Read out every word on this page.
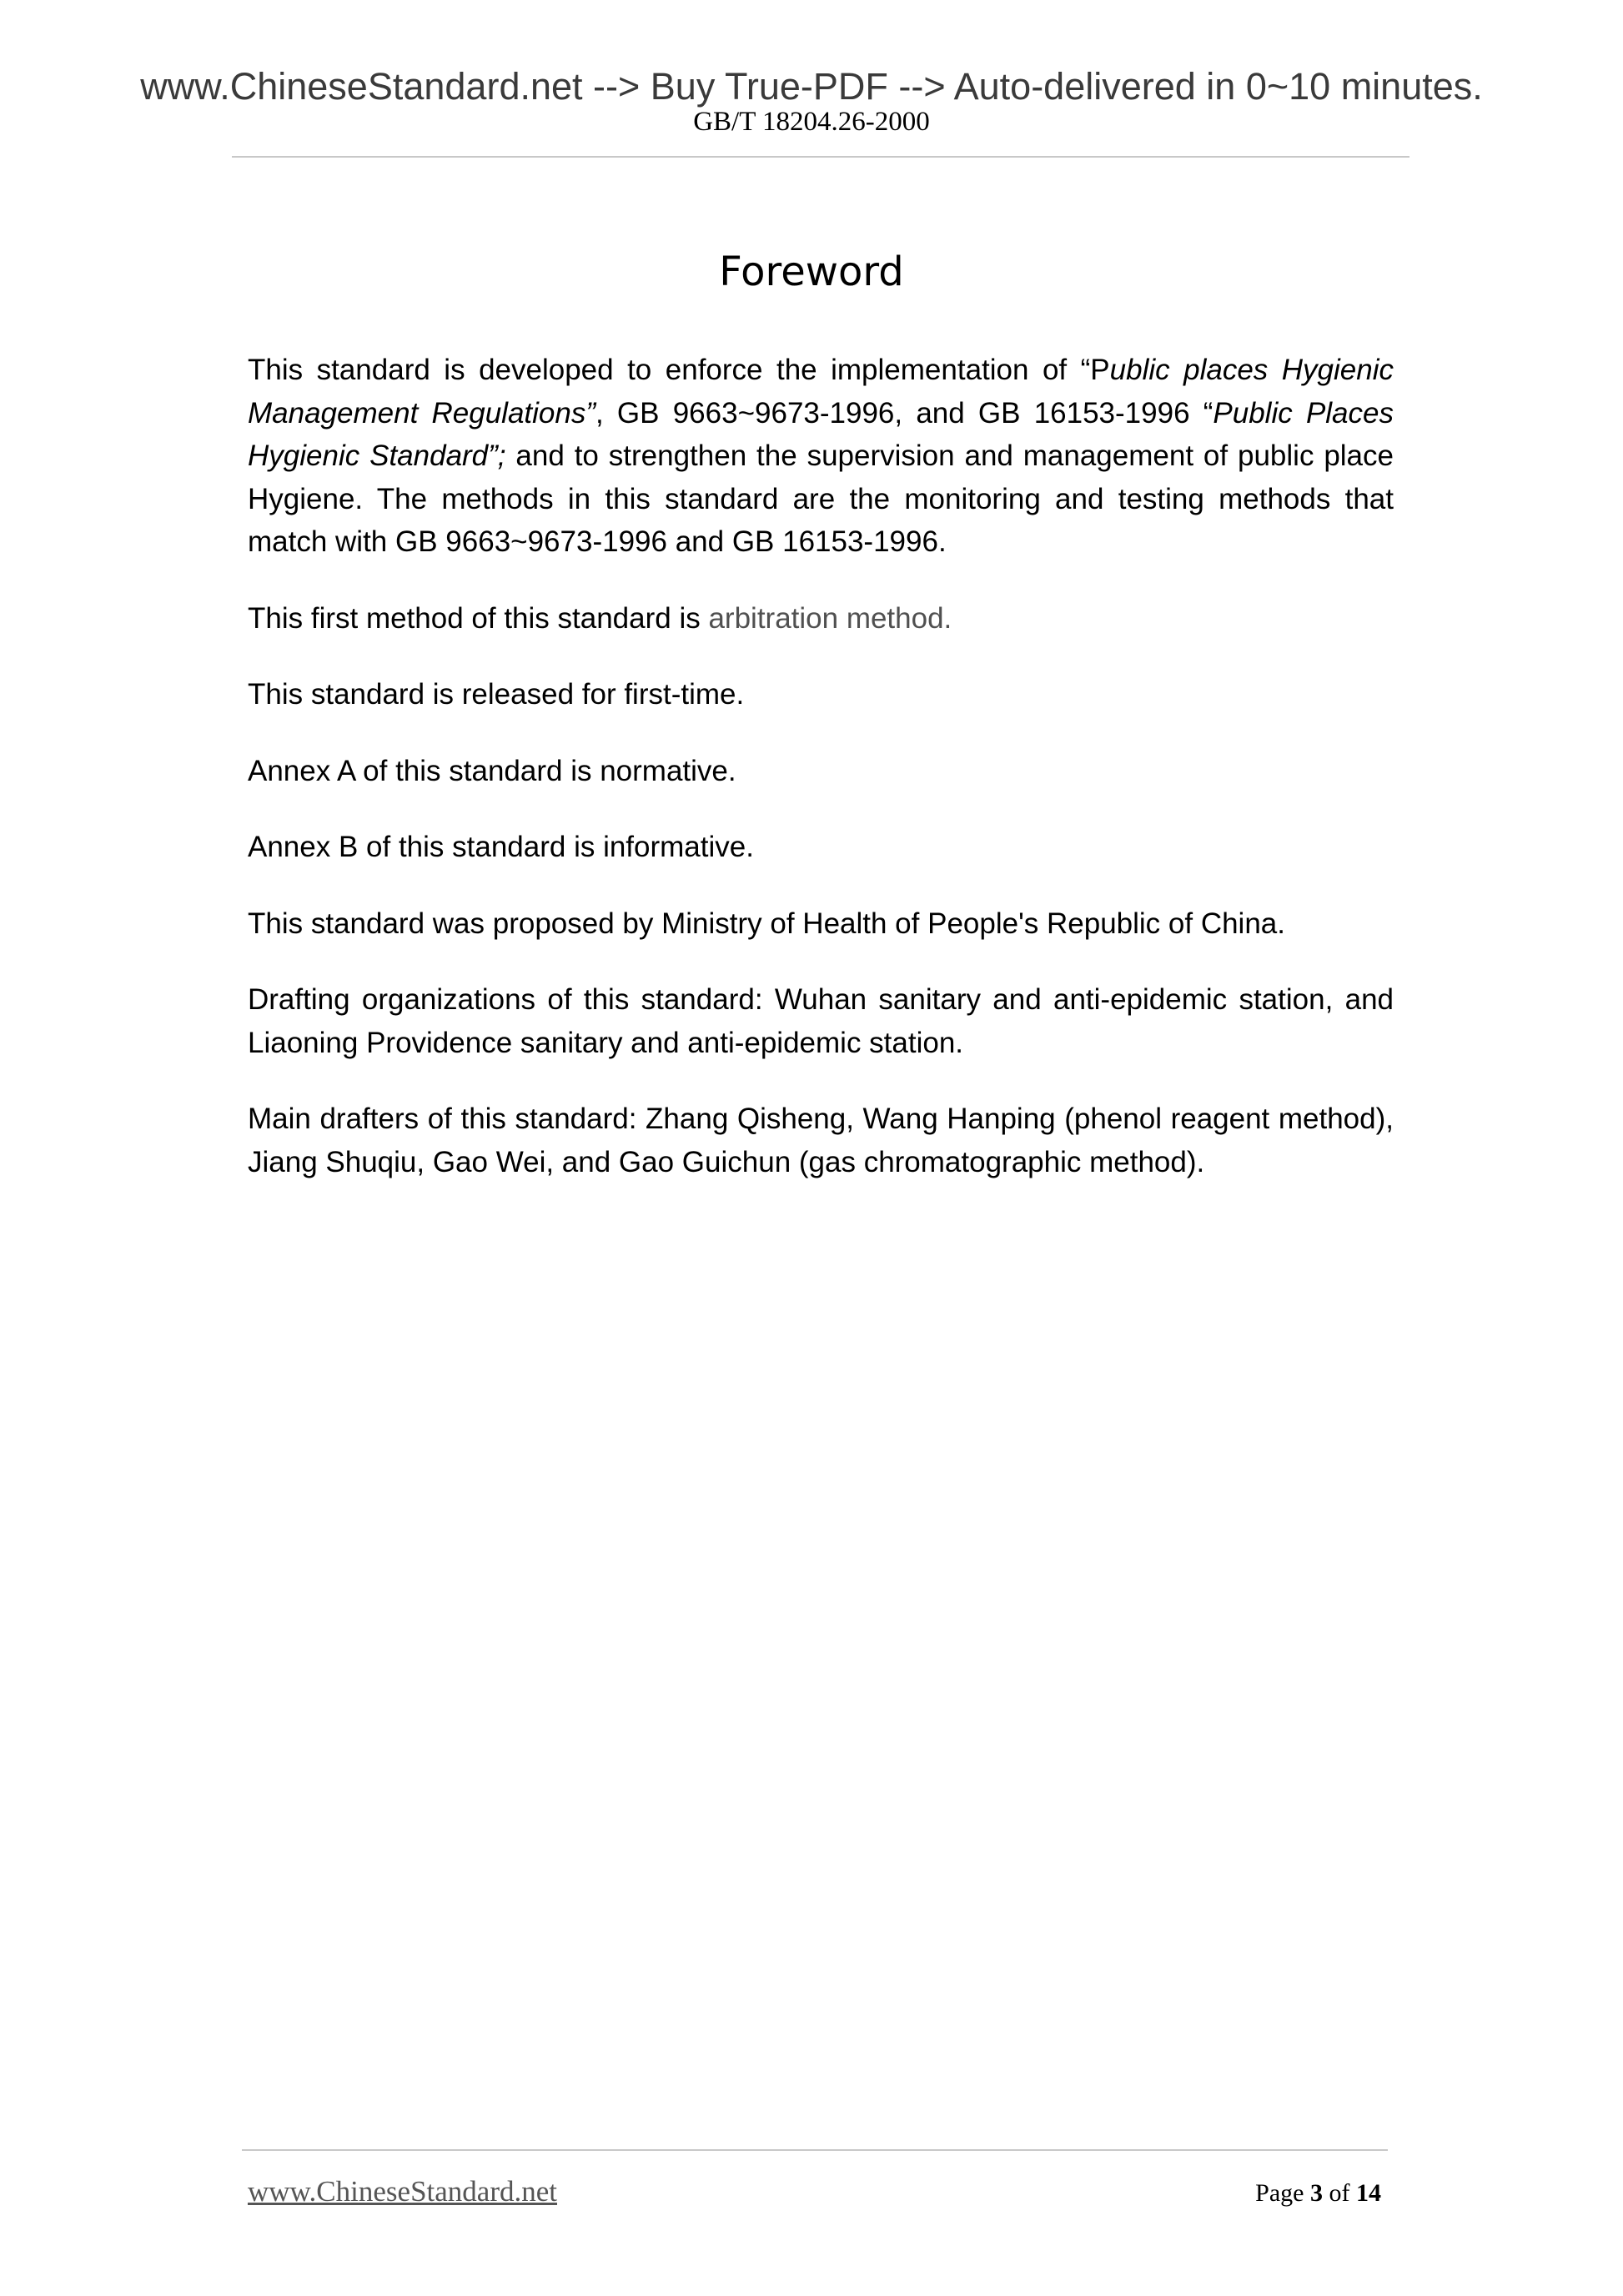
www.ChineseStandard.net --> Buy True-PDF --> Auto-delivered in 0~10 minutes.
GB/T 18204.26-2000
Foreword

This standard is developed to enforce the implementation of “Public places Hygienic Management Regulations”, GB 9663~9673-1996, and GB 16153-1996 “Public Places Hygienic Standard”; and to strengthen the supervision and management of public place Hygiene. The methods in this standard are the monitoring and testing methods that match with GB 9663~9673-1996 and GB 16153-1996.

This first method of this standard is arbitration method.

This standard is released for first-time.

Annex A of this standard is normative.

Annex B of this standard is informative.

This standard was proposed by Ministry of Health of People's Republic of China.

Drafting organizations of this standard: Wuhan sanitary and anti-epidemic station, and Liaoning Providence sanitary and anti-epidemic station.

Main drafters of this standard: Zhang Qisheng, Wang Hanping (phenol reagent method), Jiang Shuqiu, Gao Wei, and Gao Guichun (gas chromatographic method).

www.ChineseStandard.net	Page 3 of 14
